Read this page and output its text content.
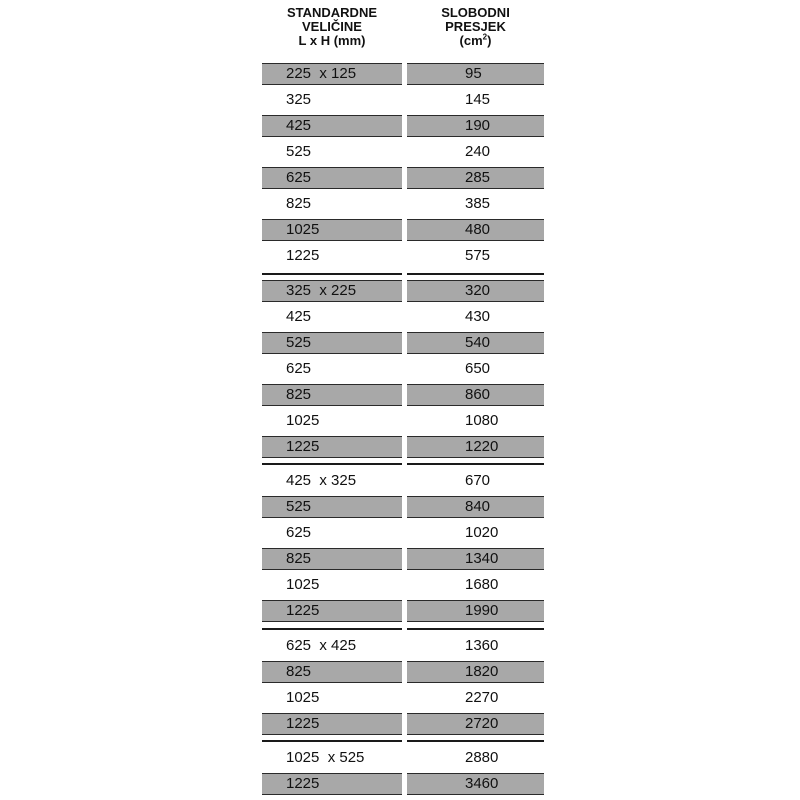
STANDARDNE
VELIČINE
L x H (mm)
SLOBODNI
PRESJEK
$(cm^2)$
225  x 125	95
325	145
425	190
525	240
625	285
825	385
1025	480
1225	575
325  x 225	320
425	430
525	540
625	650
825	860
1025	1080
1225	1220
425  x 325	670
525	840
625	1020
825	1340
1025	1680
1225	1990
625  x 425	1360
825	1820
1025	2270
1225	2720
1025  x 525	2880
1225	3460
